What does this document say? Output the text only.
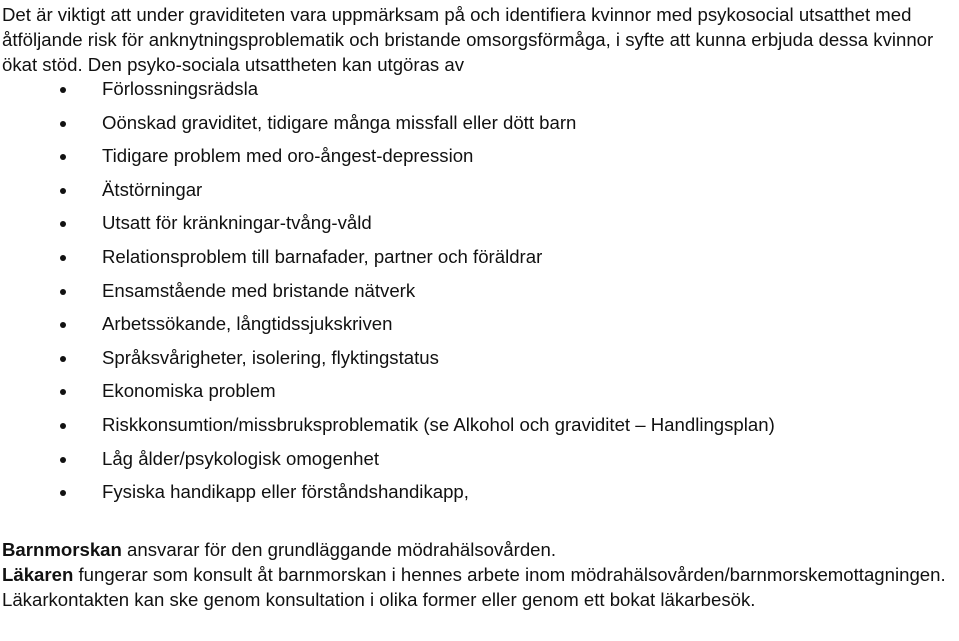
Det är viktigt att under graviditeten vara uppmärksam på och identifiera kvinnor med psykosocial utsatthet med åtföljande risk för anknytningsproblematik och bristande omsorgsförmåga, i syfte att kunna erbjuda dessa kvinnor ökat stöd. Den psyko-sociala utsattheten kan utgöras av

Förlossningsrädsla
Oönskad graviditet, tidigare många missfall eller dött barn
Tidigare problem med oro-ångest-depression
Ätstörningar
Utsatt för kränkningar-tvång-våld
Relationsproblem till barnafader, partner och föräldrar
Ensamstående med bristande nätverk
Arbetssökande, långtidssjukskriven
Språksvårigheter, isolering, flyktingstatus
Ekonomiska problem
Riskkonsumtion/missbruksproblematik (se Alkohol och graviditet – Handlingsplan)
Låg ålder/psykologisk omogenhet
Fysiska handikapp eller förståndshandikapp,

Barnmorskan ansvarar för den grundläggande mödrahälsovården.

Läkaren fungerar som konsult åt barnmorskan i hennes arbete inom mödrahälsovården/barnmorskemottagningen. Läkarkontakten kan ske genom konsultation i olika former eller genom ett bokat läkarbesök.
